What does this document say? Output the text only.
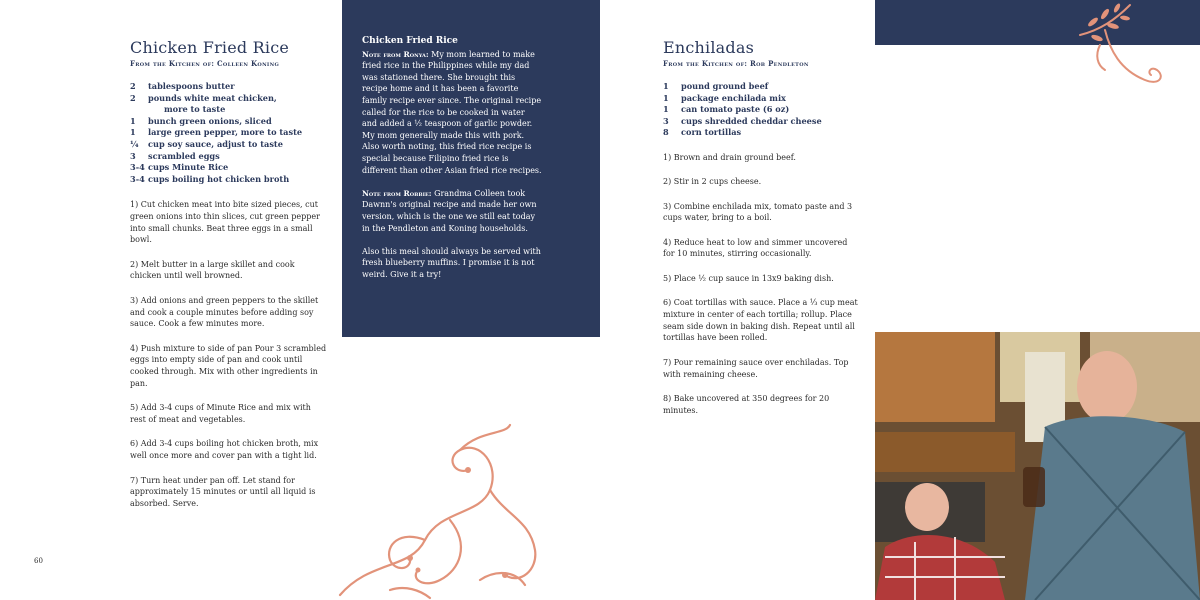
Chicken Fried Rice
From the Kitchen of: Colleen Koning
2	tablespoons butter
2	pounds white meat chicken,
more to taste
1	bunch green onions, sliced
1	large green pepper, more to taste
¼	cup soy sauce, adjust to taste
3	scrambled eggs
3-4 cups Minute Rice
3-4 cups boiling hot chicken broth

1) Cut chicken meat into bite sized pieces, cut green onions into thin slices, cut green pepper into small chunks. Beat three eggs in a small bowl.

2) Melt butter in a large skillet and cook chicken until well browned.

3) Add onions and green peppers to the skillet and cook a couple minutes before adding soy sauce. Cook a few minutes more.

4) Push mixture to side of pan Pour 3 scrambled eggs into empty side of pan and cook until cooked through. Mix with other ingredients in pan.

5) Add 3-4 cups of Minute Rice and mix with rest of meat and vegetables.

6) Add 3-4 cups boiling hot chicken broth, mix well once more and cover pan with a tight lid.

7) Turn heat under pan off. Let stand for approximately 15 minutes or until all liquid is absorbed. Serve.

60
Chicken Fried Rice

Note from Ronya: My mom learned to make fried rice in the Philippines while my dad was stationed there. She brought this recipe home and it has been a favorite family recipe ever since. The original recipe called for the rice to be cooked in water and added a ½ teaspoon of garlic powder. My mom generally made this with pork. Also worth noting, this fried rice recipe is special because Filipino fried rice is different than other Asian fried rice recipes.

Note from Robbie: Grandma Colleen took Dawnn's original recipe and made her own version, which is the one we still eat today in the Pendleton and Koning households.

Also this meal should always be served with fresh blueberry muffins. I promise it is not weird. Give it a try!

Enchiladas
From the Kitchen of: Rob Pendleton
1	pound ground beef
1	package enchilada mix
1	can tomato paste (6 oz)
3	cups shredded cheddar cheese
8	corn tortillas

1) Brown and drain ground beef.

2) Stir in 2 cups cheese.

3) Combine enchilada mix, tomato paste and 3 cups water, bring to a boil.

4) Reduce heat to low and simmer uncovered for 10 minutes, stirring occasionally.

5) Place ½ cup sauce in 13x9 baking dish.

6) Coat tortillas with sauce. Place a ⅓ cup meat mixture in center of each tortilla; rollup. Place seam side down in baking dish. Repeat until all tortillas have been rolled.

7) Pour remaining sauce over enchiladas. Top with remaining cheese.

8) Bake uncovered at 350 degrees for 20 minutes.
